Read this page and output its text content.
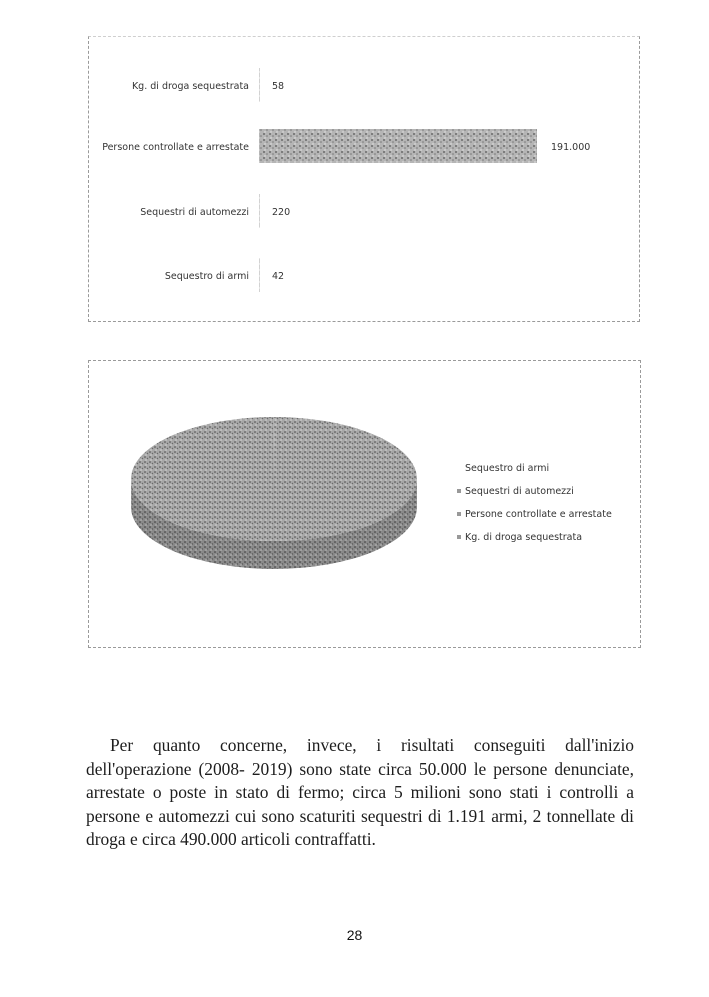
Kg. di droga sequestrata 58
Persone controllate e arrestate	191.000
Sequestri di automezzi 220
Sequestro di armi 42
Sequestro di armi
Sequestri di automezzi
Persone controllate e arrestate
Kg. di droga sequestrata

Per quanto concerne, invece, i risultati conseguiti dall'inizio dell'operazione (2008- 2019) sono state circa 50.000 le persone denunciate, arrestate o poste in stato di fermo; circa 5 milioni sono stati i controlli a persone e automezzi cui sono scaturiti sequestri di 1.191 armi, 2 tonnellate di droga e circa 490.000 articoli contraffatti.

28
